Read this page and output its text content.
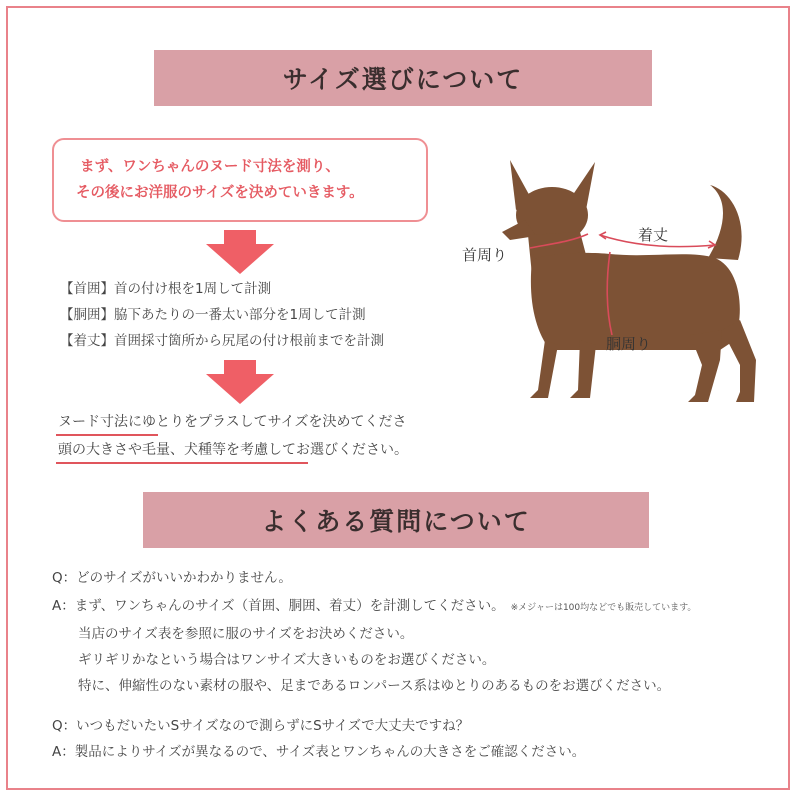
サイズ選びについて
まず、ワンちゃんのヌード寸法を測り、
その後にお洋服のサイズを決めていきます。
【首囲】首の付け根を1周して計測
【胴囲】脇下あたりの一番太い部分を1周して計測
【着丈】首囲採寸箇所から尻尾の付け根前までを計測
ヌード寸法にゆとりをプラスしてサイズを決めてくださ
頭の大きさや毛量、犬種等を考慮してお選びください。
首周り
着丈
胴周り
よくある質問について
Q：どのサイズがいいかわかりません。
A：まず、ワンちゃんのサイズ（首囲、胴囲、着丈）を計測してください。 ※メジャーは100均などでも販売しています。
当店のサイズ表を参照に服のサイズをお決めください。
ギリギリかなという場合はワンサイズ大きいものをお選びください。
特に、伸縮性のない素材の服や、足まであるロンパース系はゆとりのあるものをお選びください。
Q：いつもだいたいSサイズなので測らずにSサイズで大丈夫ですね？
A：製品によりサイズが異なるので、サイズ表とワンちゃんの大きさをご確認ください。
